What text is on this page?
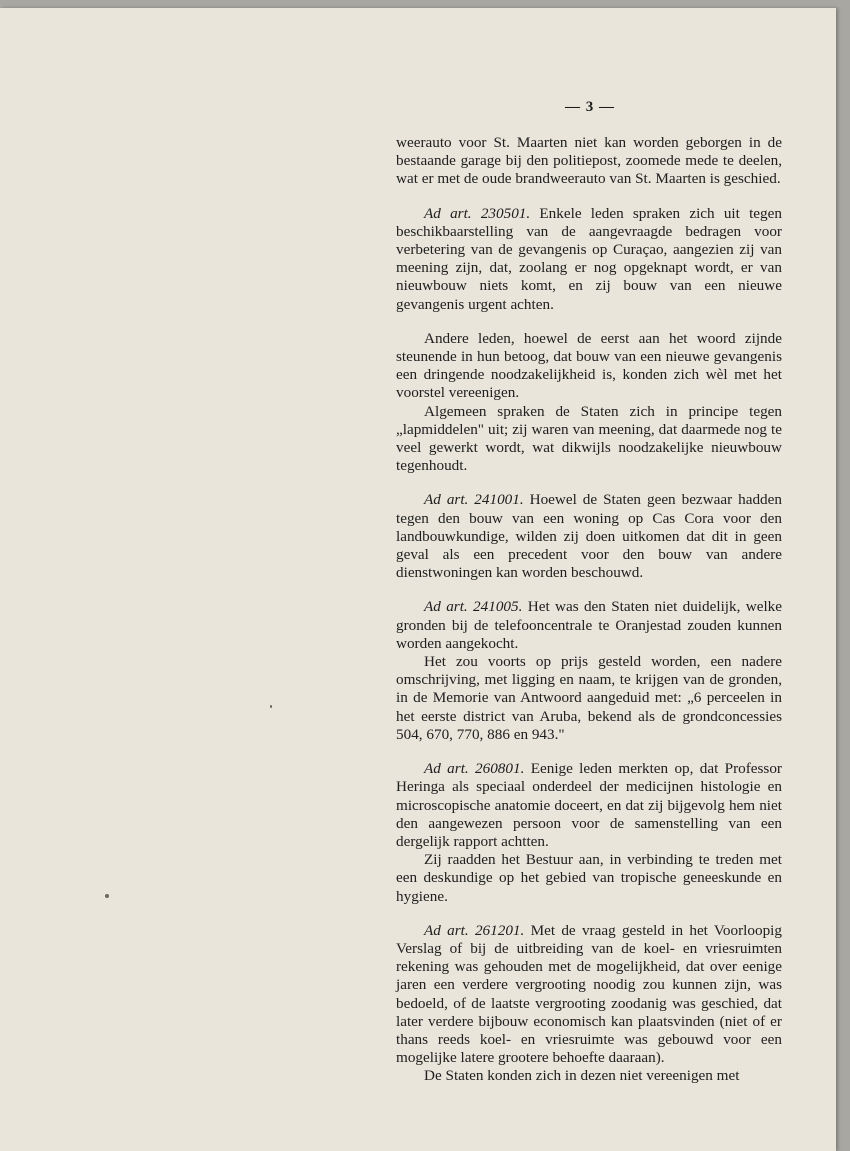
— 3 —

weerauto voor St. Maarten niet kan worden geborgen in de bestaande garage bij den politiepost, zoomede mede te deelen, wat er met de oude brandweerauto van St. Maarten is geschied.

Ad art. 230501. Enkele leden spraken zich uit tegen beschikbaarstelling van de aangevraagde bedragen voor verbetering van de gevangenis op Curaçao, aangezien zij van meening zijn, dat, zoolang er nog opgeknapt wordt, er van nieuwbouw niets komt, en zij bouw van een nieuwe gevangenis urgent achten.

Andere leden, hoewel de eerst aan het woord zijnde steunende in hun betoog, dat bouw van een nieuwe gevangenis een dringende noodzakelijkheid is, konden zich wèl met het voorstel vereenigen.

Algemeen spraken de Staten zich in principe tegen „lapmiddelen" uit; zij waren van meening, dat daarmede nog te veel gewerkt wordt, wat dikwijls noodzakelijke nieuwbouw tegenhoudt.

Ad art. 241001. Hoewel de Staten geen bezwaar hadden tegen den bouw van een woning op Cas Cora voor den landbouwkundige, wilden zij doen uitkomen dat dit in geen geval als een precedent voor den bouw van andere dienstwoningen kan worden beschouwd.

Ad art. 241005. Het was den Staten niet duidelijk, welke gronden bij de telefooncentrale te Oranjestad zouden kunnen worden aangekocht.

Het zou voorts op prijs gesteld worden, een nadere omschrijving, met ligging en naam, te krijgen van de gronden, in de Memorie van Antwoord aangeduid met: „6 perceelen in het eerste district van Aruba, bekend als de grondconcessies 504, 670, 770, 886 en 943."

Ad art. 260801. Eenige leden merkten op, dat Professor Heringa als speciaal onderdeel der medicijnen histologie en microscopische anatomie doceert, en dat zij bijgevolg hem niet den aangewezen persoon voor de samenstelling van een dergelijk rapport achtten.

Zij raadden het Bestuur aan, in verbinding te treden met een deskundige op het gebied van tropische geneeskunde en hygiene.

Ad art. 261201. Met de vraag gesteld in het Voorloopig Verslag of bij de uitbreiding van de koel- en vriesruimten rekening was gehouden met de mogelijkheid, dat over eenige jaren een verdere vergrooting noodig zou kunnen zijn, was bedoeld, of de laatste vergrooting zoodanig was geschied, dat later verdere bijbouw economisch kan plaatsvinden (niet of er thans reeds koel- en vriesruimte was gebouwd voor een mogelijke latere grootere behoefte daaraan).

De Staten konden zich in dezen niet vereenigen met
